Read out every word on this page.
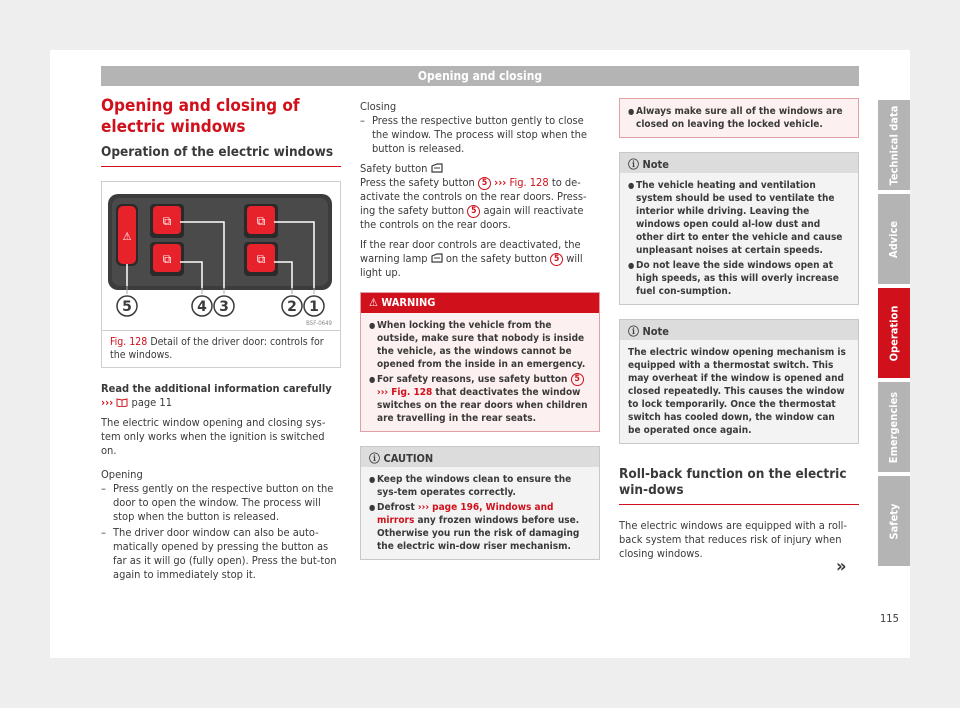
Opening and closing
Opening and closing of electric windows
Operation of the electric windows
⚠
⧉
⧉
⧉
⧉
5	4 3	2 1
B5F-0649
Fig. 128 Detail of the driver door: controls for the windows.

Read the additional information carefully
››› page 11

The electric window opening and closing sys-tem only works when the ignition is switched on.

Opening

– Press gently on the respective button on the door to open the window. The process will stop when the button is released.
– The driver door window can also be auto-matically opened by pressing the button as far as it will go (fully open). Press the but-ton again to immediately stop it.

Closing

– Press the respective button gently to close the window. The process will stop when the button is released.

Safety button

Press the safety button 5 ››› Fig. 128 to de-activate the controls on the rear doors. Press-ing the safety button 5 again will reactivate the controls on the rear doors.

If the rear door controls are deactivated, the warning lamp on the safety button 5 will light up.

⚠ WARNING
● When locking the vehicle from the outside, make sure that nobody is inside the vehicle, as the windows cannot be opened from the inside in an emergency.
● For safety reasons, use safety button 5 ››› Fig. 128 that deactivates the window switches on the rear doors when children are travelling in the rear seats.
ⓘ CAUTION
● Keep the windows clean to ensure the sys-tem operates correctly.
● Defrost ››› page 196, Windows and mirrors any frozen windows before use. Otherwise you run the risk of damaging the electric win-dow riser mechanism.
● Always make sure all of the windows are closed on leaving the locked vehicle.
ⓘ Note
● The vehicle heating and ventilation system should be used to ventilate the interior while driving. Leaving the windows open could al-low dust and other dirt to enter the vehicle and cause unpleasant noises at certain speeds.
● Do not leave the side windows open at high speeds, as this will overly increase fuel con-sumption.
ⓘ Note
The electric window opening mechanism is equipped with a thermostat switch. This may overheat if the window is opened and closed repeatedly. This causes the window to lock temporarily. Once the thermostat switch has cooled down, the window can be operated once again.
Roll-back function on the electric win-dows

The electric windows are equipped with a roll-back system that reduces risk of injury when closing windows.

»
Technical data
Advice
Operation
Emergencies
Safety
115
